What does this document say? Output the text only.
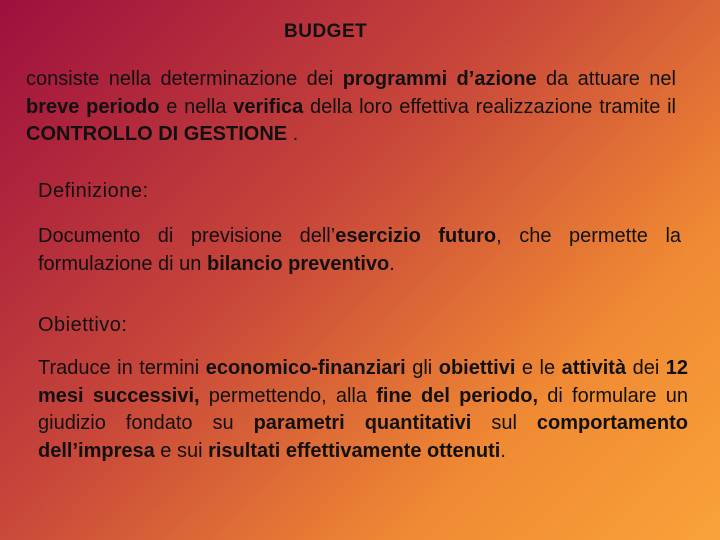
BUDGET

consiste nella determinazione dei programmi d’azione da attuare nel breve periodo e nella verifica della loro effettiva realizzazione tramite il CONTROLLO DI GESTIONE .

Definizione:

Documento di previsione dell’esercizio futuro, che permette la formulazione di un bilancio preventivo.

Obiettivo:

Traduce in termini economico-finanziari gli obiettivi e le attività dei 12 mesi successivi, permettendo, alla fine del periodo, di formulare un giudizio fondato su parametri quantitativi sul comportamento dell’impresa e sui risultati effettivamente ottenuti.
